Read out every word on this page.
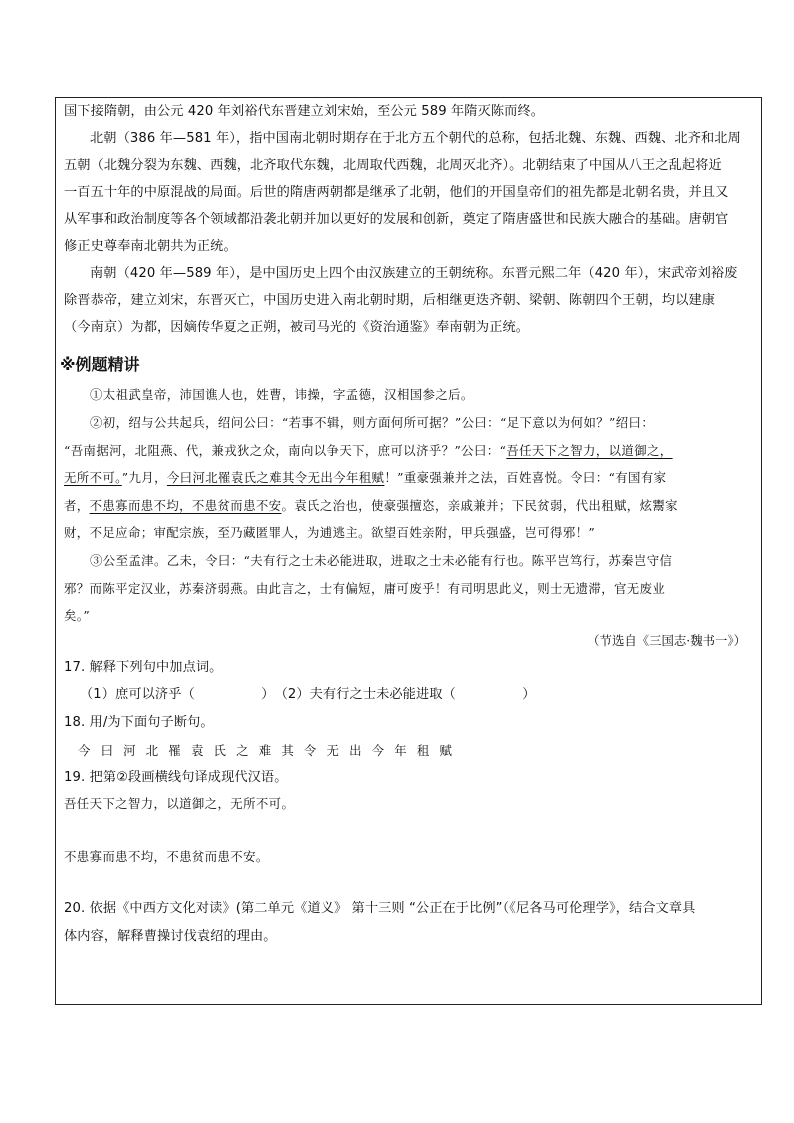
国下接隋朝，由公元 420 年刘裕代东晋建立刘宋始，至公元 589 年隋灭陈而终。
北朝（386 年—581 年），指中国南北朝时期存在于北方五个朝代的总称，包括北魏、东魏、西魏、北齐和北周
五朝（北魏分裂为东魏、西魏，北齐取代东魏，北周取代西魏，北周灭北齐）。北朝结束了中国从八王之乱起将近
一百五十年的中原混战的局面。后世的隋唐两朝都是继承了北朝，他们的开国皇帝们的祖先都是北朝名贵，并且又
从军事和政治制度等各个领域都沿袭北朝并加以更好的发展和创新，奠定了隋唐盛世和民族大融合的基础。唐朝官
修正史尊奉南北朝共为正统。
南朝（420 年—589 年），是中国历史上四个由汉族建立的王朝统称。东晋元熙二年（420 年），宋武帝刘裕废
除晋恭帝，建立刘宋，东晋灭亡，中国历史进入南北朝时期，后相继更迭齐朝、梁朝、陈朝四个王朝，均以建康
（今南京）为都，因嫡传华夏之正朔，被司马光的《资治通鉴》奉南朝为正统。
※例题精讲
①太祖武皇帝，沛国谯人也，姓曹，讳操，字孟德，汉相国参之后。
②初，绍与公共起兵，绍问公曰：“若事不辑，则方面何所可据？”公曰：“足下意以为何如？”绍曰：
“吾南据河，北阻燕、代，兼戎狄之众，南向以争天下，庶可以济乎？”公曰：“吾任天下之智力，以道御之，
无所不可。”九月，今曰河北罹袁氏之难其令无出今年租赋！”重豪强兼并之法，百姓喜悦。令曰：“有国有家
者，不患寡而患不均，不患贫而患不安。袁氏之治也，使豪强擅恣，亲戚兼并；下民贫弱，代出租赋，炫鬻家
财，不足应命；审配宗族，至乃藏匿罪人，为逋逃主。欲望百姓亲附，甲兵强盛，岂可得邪！”
③公至孟津。乙未，令曰：“夫有行之士未必能进取，进取之士未必能有行也。陈平岂笃行，苏秦岂守信
邪？而陈平定汉业，苏秦济弱燕。由此言之，士有偏短，庸可废乎！有司明思此义，则士无遗滞，官无废业
矣。”
（节选自《三国志·魏书一》）
17. 解释下列句中加点词。
（1）庶可以济乎（　　　　　）　（2）夫有行之士未必能进取（　　　　　）
18. 用/为下面句子断句。
今曰河北罹袁氏之难其令无出今年租赋
19. 把第②段画横线句译成现代汉语。
吾任天下之智力，以道御之，无所不可。
不患寡而患不均，不患贫而患不安。
20. 依据《中西方文化对读》(第二单元《道义》 第十三则 “公正在于比例”（《尼各马可伦理学》，结合文章具
体内容，解释曹操讨伐袁绍的理由。
